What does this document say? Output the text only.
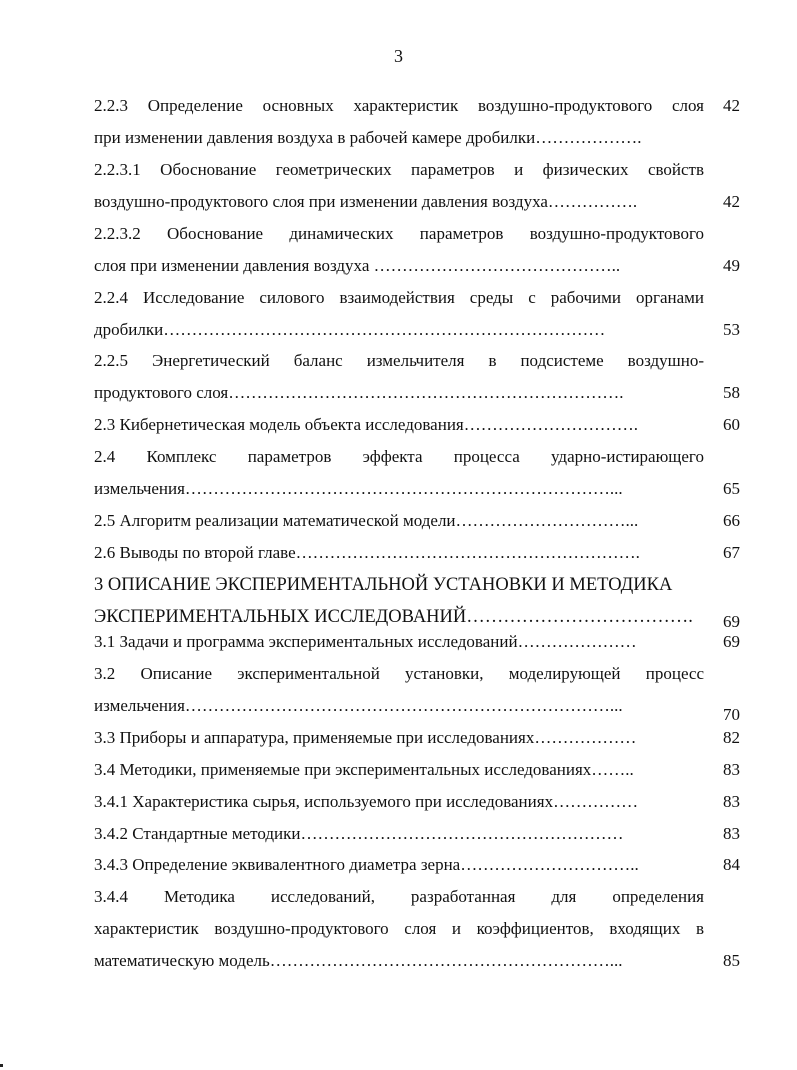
3
2.2.3 Определение основных характеристик воздушно-продуктового слоя	42
при изменении давления воздуха в рабочей камере дробилки……………….
2.2.3.1 Обоснование геометрических параметров и физических свойств
воздушно-продуктового слоя при изменении давления воздуха…………….	42
2.2.3.2 Обоснование динамических параметров воздушно-продуктового
слоя при изменении давления воздуха ……………………………………..	49
2.2.4 Исследование силового взаимодействия среды с рабочими органами
дробилки……………………………………………………………………	53
2.2.5 Энергетический баланс измельчителя в подсистеме воздушно-
продуктового слоя…………………………………………………………….	58
2.3 Кибернетическая модель объекта исследования………………………….	60
2.4 Комплекс параметров эффекта процесса ударно-истирающего
измельчения…………………………………………………………………...	65
2.5 Алгоритм реализации математической модели…………………………...	66
2.6 Выводы по второй главе…………………………………………………….	67
3 ОПИСАНИЕ ЭКСПЕРИМЕНТАЛЬНОЙ УСТАНОВКИ И МЕТОДИКА
ЭКСПЕРИМЕНТАЛЬНЫХ ИССЛЕДОВАНИЙ……………………………….	69
3.1 Задачи и программа экспериментальных исследований…………………	69
3.2 Описание экспериментальной установки, моделирующей процесс
измельчения…………………………………………………………………...	70
3.3 Приборы и аппаратура, применяемые при исследованиях………………	82
3.4 Методики, применяемые при экспериментальных исследованиях……..	83
3.4.1 Характеристика сырья, используемого при исследованиях……………	83
3.4.2 Стандартные методики…………………………………………………	83
3.4.3 Определение эквивалентного диаметра зерна…………………………..	84
3.4.4 Методика исследований, разработанная для определения
характеристик воздушно-продуктового слоя и коэффициентов, входящих в
математическую модель……………………………………………………...	85
